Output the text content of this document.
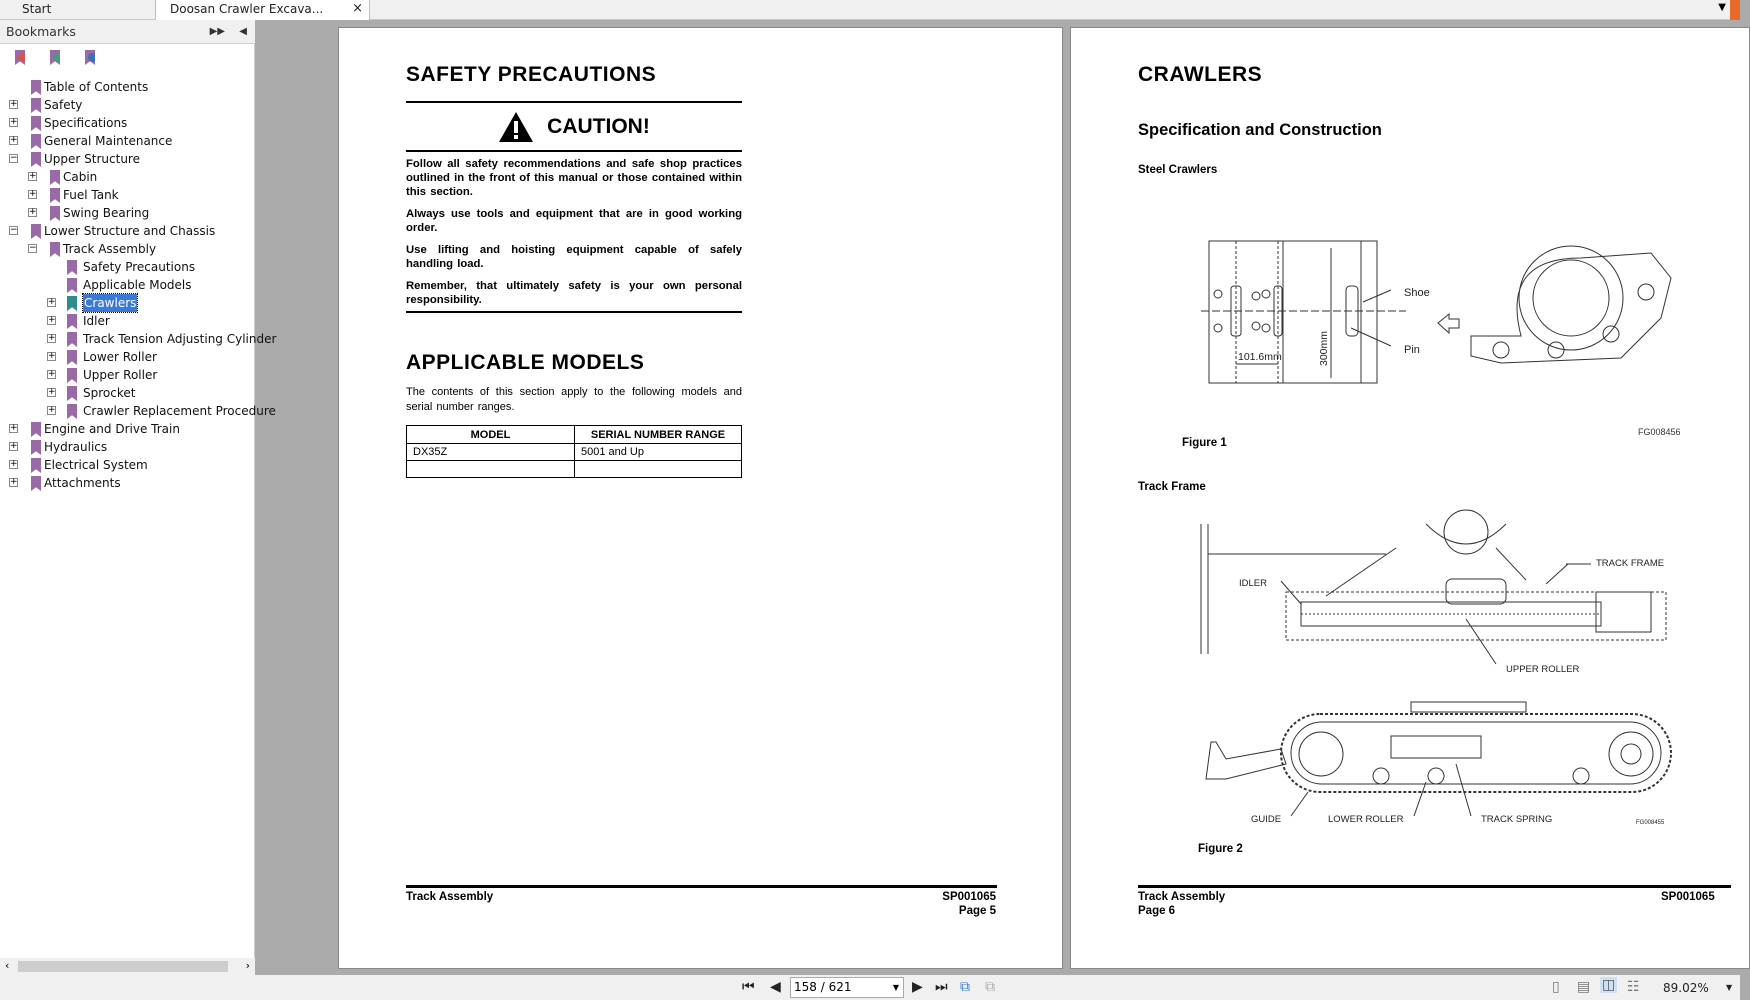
Start	Doosan Crawler Excava... ×	▼
Bookmarks	▶▶ ◀
Table of Contents
+ Safety
+ Specifications
+ General Maintenance
− Upper Structure
+ Cabin
+ Fuel Tank
+ Swing Bearing
− Lower Structure and Chassis
− Track Assembly
Safety Precautions
Applicable Models
+ Crawlers
+ Idler
+ Track Tension Adjusting Cylinder
+ Lower Roller
+ Upper Roller
+ Sprocket
+ Crawler Replacement Procedure
+ Engine and Drive Train
+ Hydraulics
+ Electrical System
+ Attachments
‹	›
SAFETY PRECAUTIONS
CAUTION!

Follow all safety recommendations and safe shop practices outlined in the front of this manual or those contained within this section.

Always use tools and equipment that are in good working order.

Use lifting and hoisting equipment capable of safely handling load.

Remember, that ultimately safety is your own personal responsibility.

APPLICABLE MODELS

The contents of this section apply to the following models and serial number ranges.

MODEL	SERIAL NUMBER RANGE
DX35Z	5001 and Up

Track Assembly	SP001065
Page 5
CRAWLERS
Specification and Construction
Steel Crawlers
Shoe
Pin
101.6mm	300mm
Figure 1
FG008456
Track Frame
TRACK FRAME
IDLER
UPPER ROLLER
GUIDE	LOWER ROLLER	TRACK SPRING	FG008455
Figure 2
Track Assembly
Page 6
SP001065
⏮ ◀	158 / 621	▼ ▶ ⏭ ⧉ ⧉	▯ ▤ ◫ ☷ 89.02% ▼
